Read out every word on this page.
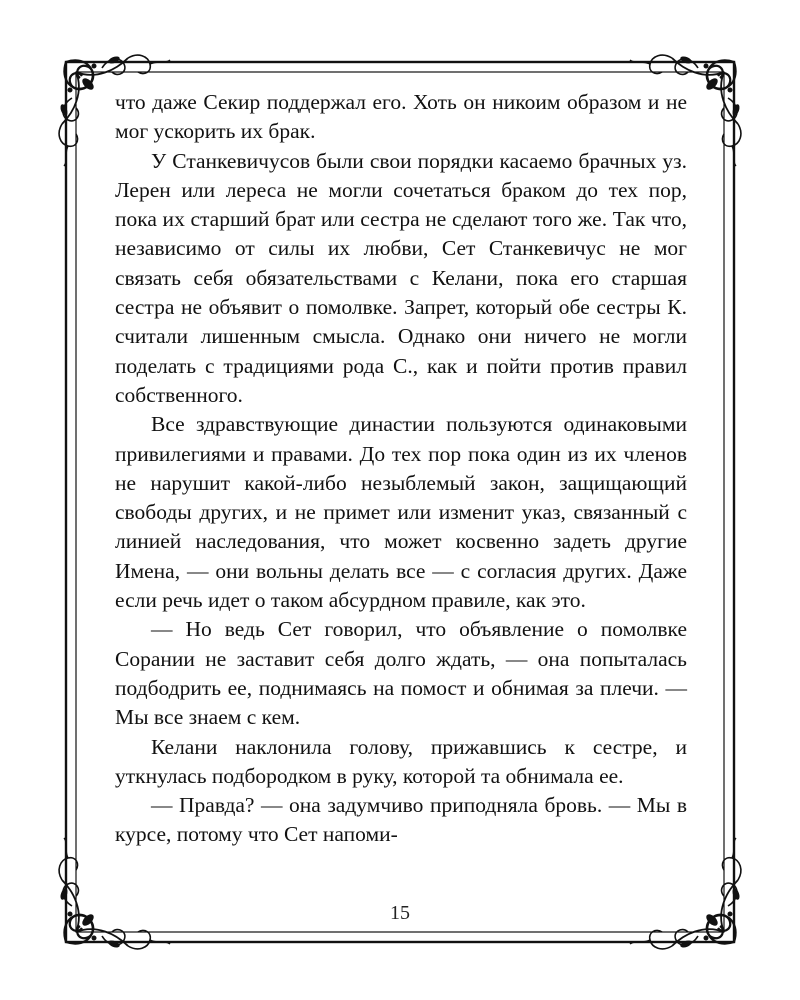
что даже Секир поддержал его. Хоть он никоим образом и не мог ускорить их брак.

У Станкевичусов были свои порядки касаемо брачных уз. Лерен или лереса не могли сочетаться браком до тех пор, пока их старший брат или сестра не сделают того же. Так что, независимо от силы их любви, Сет Станкевичус не мог связать себя обязательствами с Келани, пока его старшая сестра не объявит о помолвке. Запрет, который обе сестры К. считали лишенным смысла. Однако они ничего не могли поделать с традициями рода С., как и пойти против правил собственного.

Все здравствующие династии пользуются одинаковыми привилегиями и правами. До тех пор пока один из их членов не нарушит какой-либо незыблемый закон, защищающий свободы других, и не примет или изменит указ, связанный с линией наследования, что может косвенно задеть другие Имена, — они вольны делать все — с согласия других. Даже если речь идет о таком абсурдном правиле, как это.

— Но ведь Сет говорил, что объявление о помолвке Сорании не заставит себя долго ждать, — она попыталась подбодрить ее, поднимаясь на помост и обнимая за плечи. — Мы все знаем с кем.

Келани наклонила голову, прижавшись к сестре, и уткнулась подбородком в руку, которой та обнимала ее.

— Правда? — она задумчиво приподняла бровь. — Мы в курсе, потому что Сет напоми-

15
